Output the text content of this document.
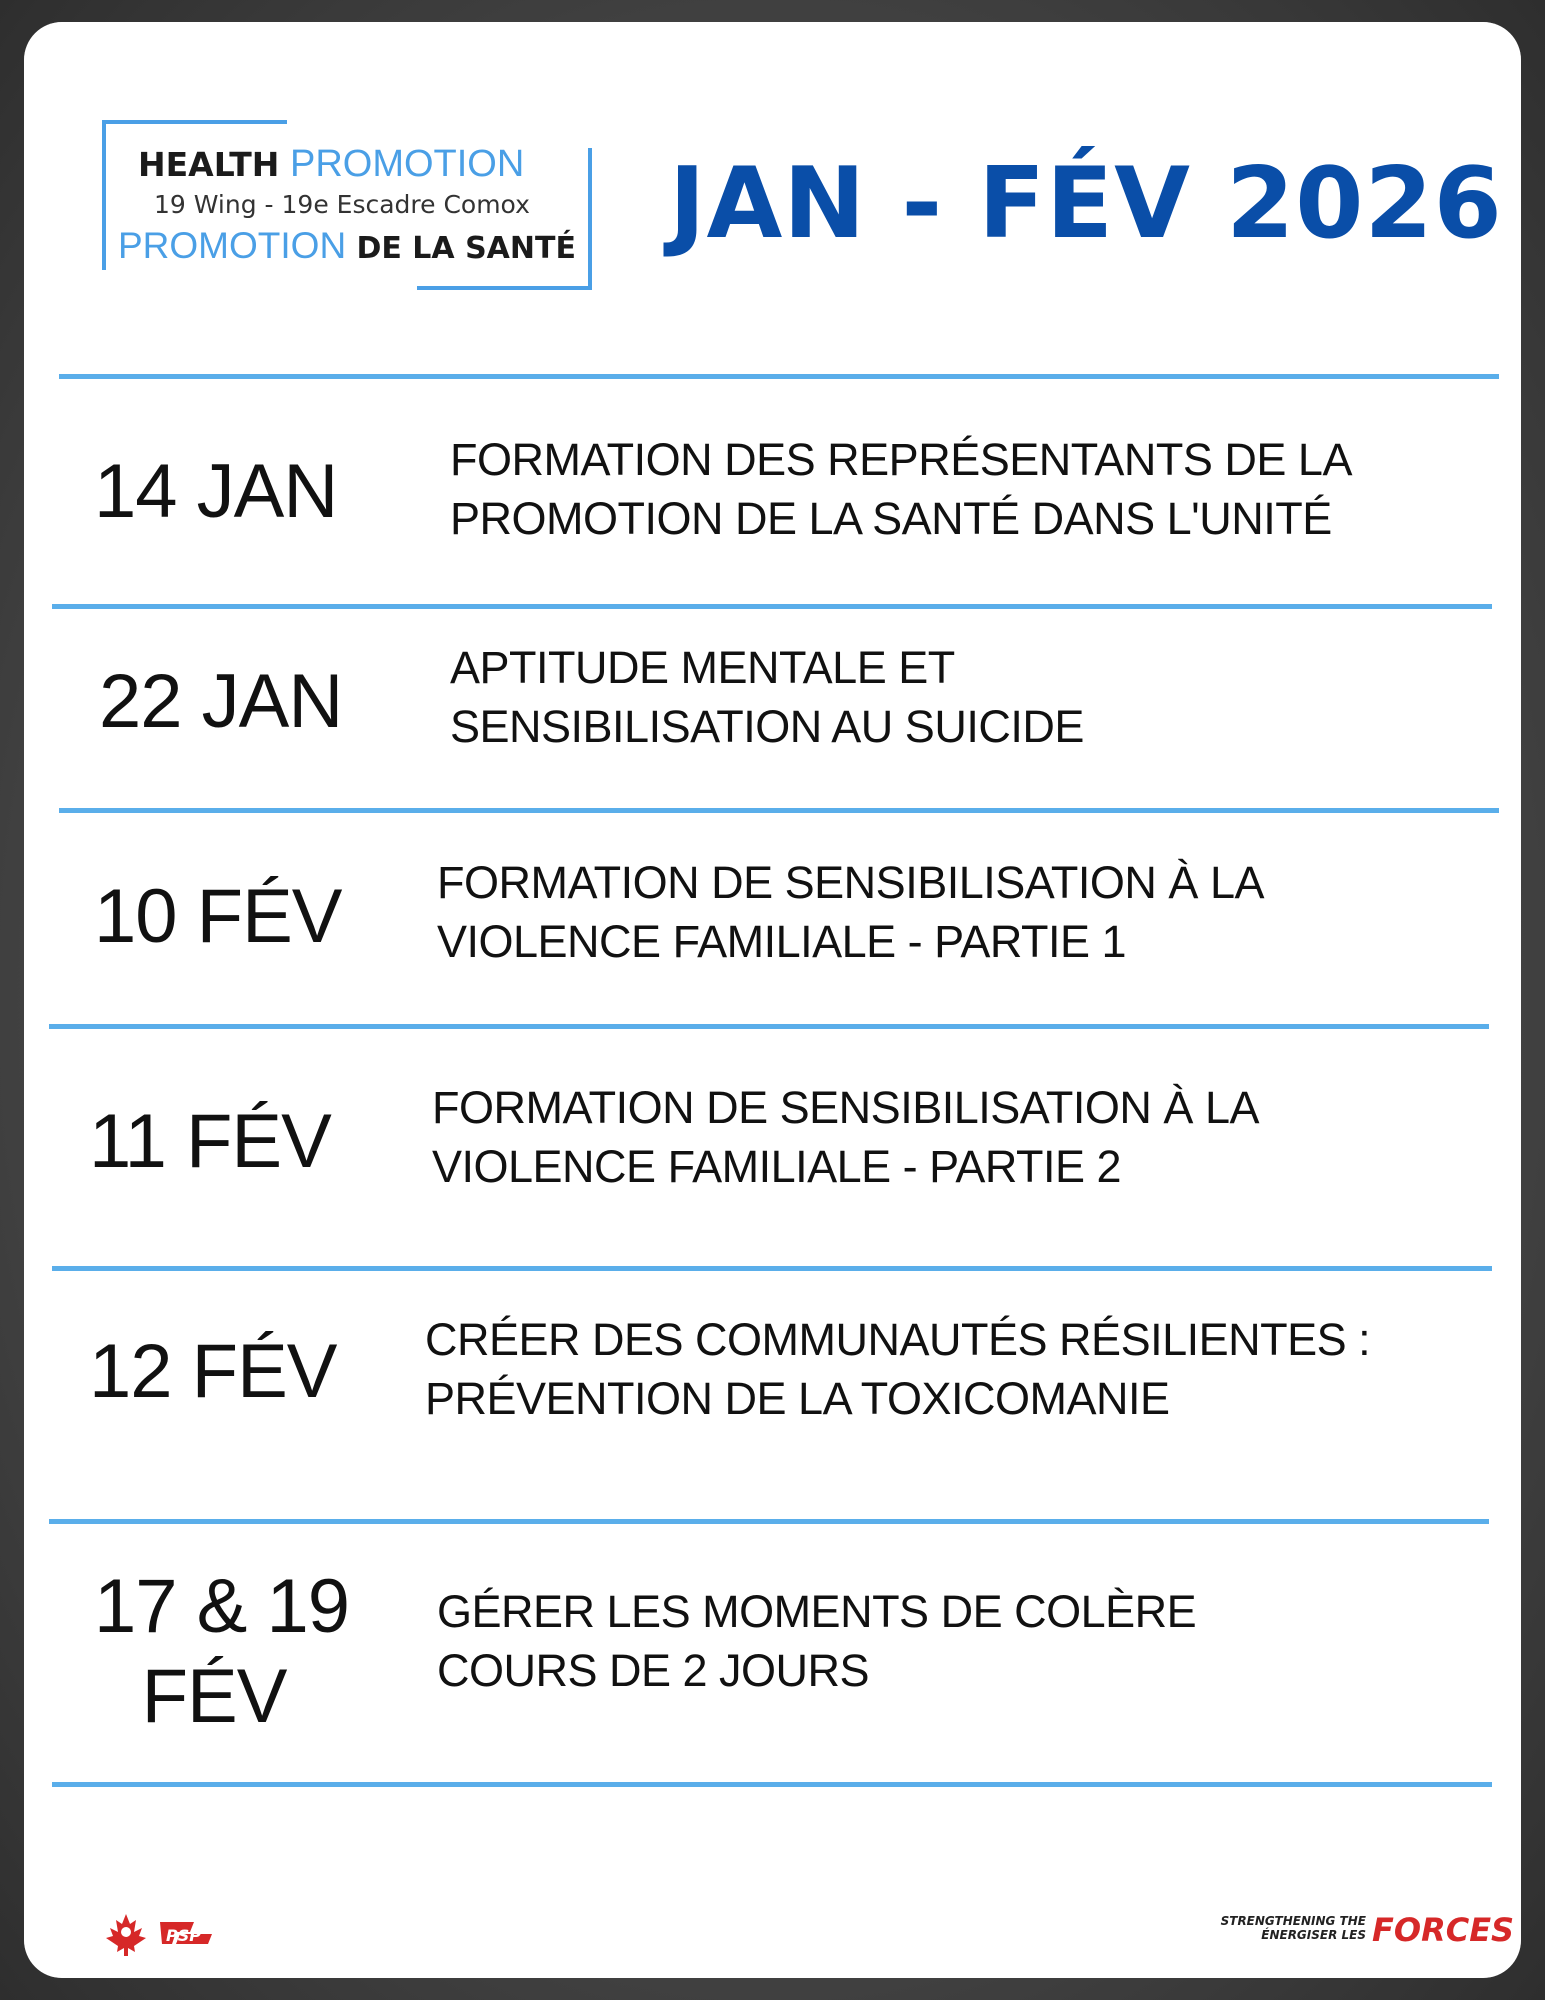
HEALTH PROMOTION
19 Wing - 19e Escadre Comox
PROMOTION DE LA SANTÉ JAN - FÉV 2026
14 JAN	FORMATION DES REPRÉSENTANTS DE LA
PROMOTION DE LA SANTÉ DANS L'UNITÉ
22 JAN APTITUDE MENTALE ET
SENSIBILISATION AU SUICIDE
10 FÉV FORMATION DE SENSIBILISATION À LA
VIOLENCE FAMILIALE - PARTIE 1
11 FÉV FORMATION DE SENSIBILISATION À LA
VIOLENCE FAMILIALE - PARTIE 2
12 FÉV CRÉER DES COMMUNAUTÉS RÉSILIENTES :
PRÉVENTION DE LA TOXICOMANIE
17 & 19
FÉV
GÉRER LES MOMENTS DE COLÈRE
COURS DE 2 JOURS
PSP
STRENGTHENING THE
ÉNERGISER LES FORCES
